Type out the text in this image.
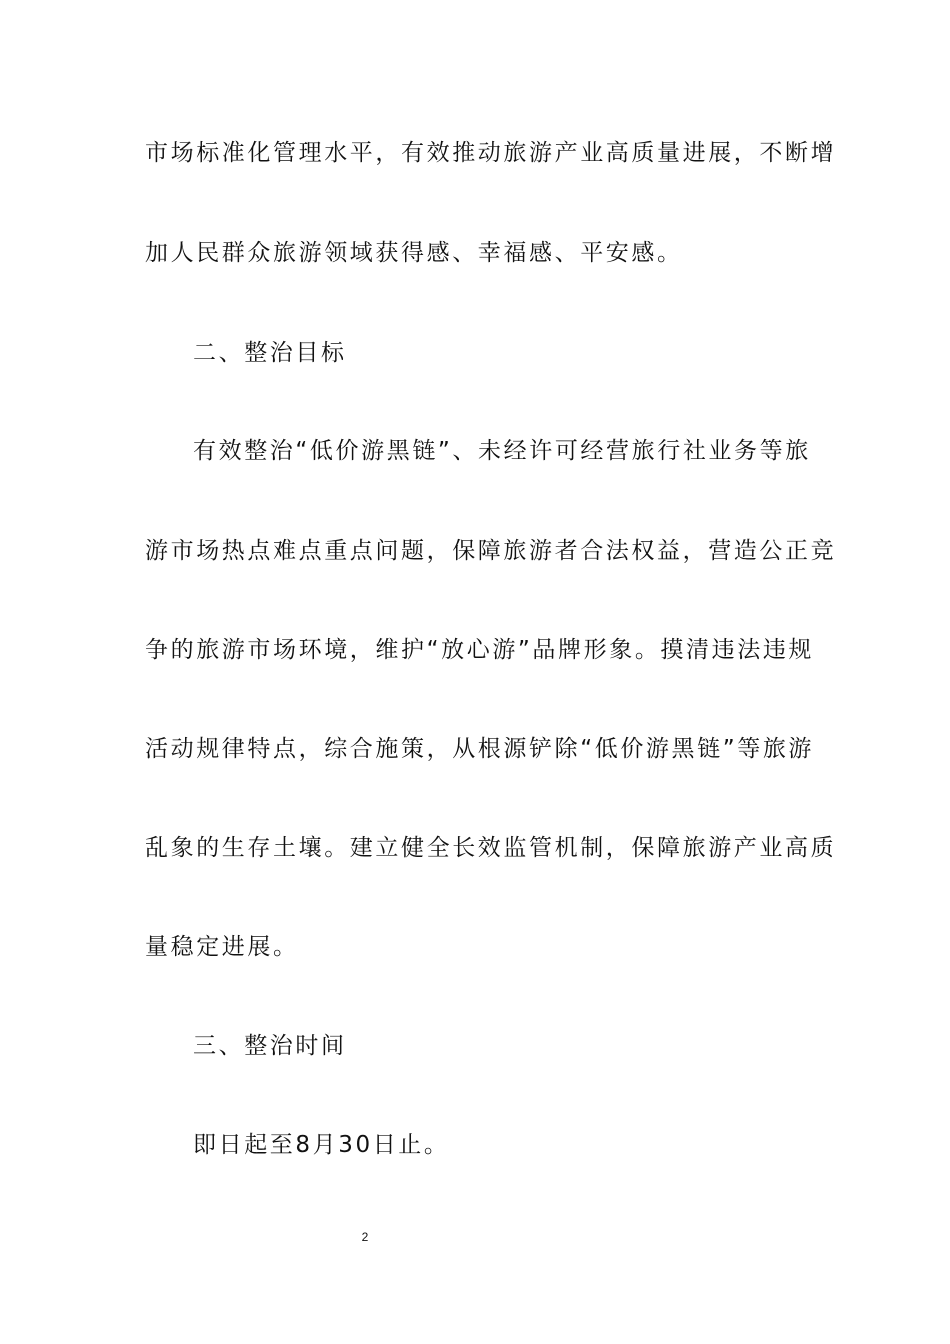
市场标准化管理水平，有效推动旅游产业高质量进展，不断增
加人民群众旅游领域获得感、幸福感、平安感。
二、整治目标
有效整治“低价游黑链”、未经许可经营旅行社业务等旅
游市场热点难点重点问题，保障旅游者合法权益，营造公正竞
争的旅游市场环境，维护“放心游”品牌形象。摸清违法违规
活动规律特点，综合施策，从根源铲除“低价游黑链”等旅游
乱象的生存土壤。建立健全长效监管机制，保障旅游产业高质
量稳定进展。
三、整治时间
即日起至8月30日止。
2
